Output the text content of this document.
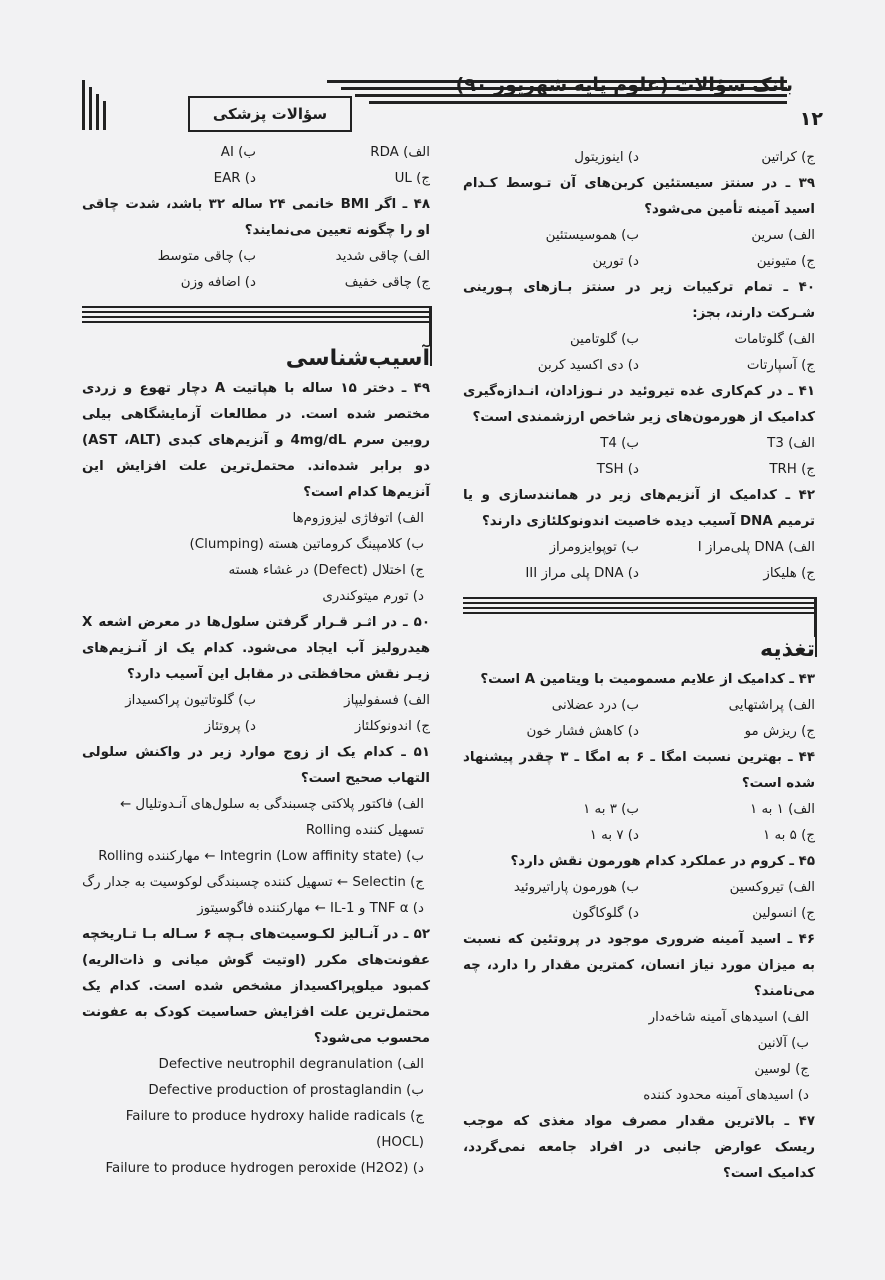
بانک سؤالات (علوم پایه شهریور ۹۰)
۱۲
سؤالات پزشکی
ج) کراتین
د) اینوزیتول
۳۹ ـ در سنتز سیستئین کربن‌های آن تـوسط کـدام اسید آمینه تأمین می‌شود؟
الف) سرین
ب) هموسیستئین
ج) متیونین
د) تورین
۴۰ ـ تمام ترکیبات زیر در سنتز بـازهای پـورینی شـرکت دارند، بجز:
الف) گلوتامات
ب) گلوتامین
ج) آسپارتات
د) دی اکسید کربن
۴۱ ـ در کم‌کاری غده تیروئید در نـوزادان، انـدازه‌گیری کدامیک از هورمون‌های زیر شاخص ارزشمندی است؟
الف) T3
ب) T4
ج) TRH
د) TSH
۴۲ ـ کدامیک از آنزیم‌های زیر در همانندسازی و یا ترمیم DNA آسیب دیده خاصیت اندونوکلئازی دارند؟
الف) DNA پلی‌مراز I
ب) توپوایزومراز
ج) هلیکاز
د) DNA پلی مراز III
تغذیه
۴۳ ـ کدامیک از علایم مسمومیت با ویتامین A است؟
الف) پراشتهایی
ب) درد عضلانی
ج) ریزش مو
د) کاهش فشار خون
۴۴ ـ بهترین نسبت امگا ـ ۶ به امگا ـ ۳ چقدر پیشنهاد شده است؟
الف) ۱ به ۱
ب) ۳ به ۱
ج) ۵ به ۱
د) ۷ به ۱
۴۵ ـ کروم در عملکرد کدام هورمون نقش دارد؟
الف) تیروکسین
ب) هورمون پاراتیروئید
ج) انسولین
د) گلوکاگون
۴۶ ـ اسید آمینه ضروری موجود در پروتئین که نسبت به میزان مورد نیاز انسان، کمترین مقدار را دارد، چه می‌نامند؟
الف) اسیدهای آمینه شاخه‌دار
ب) آلانین
ج) لوسین
د) اسیدهای آمینه محدود کننده
۴۷ ـ بالاترین مقدار مصرف مواد مغذی که موجب ریسک عوارض جانبی در افراد جامعه نمی‌گردد، کدامیک است؟
الف) RDA
ب) AI
ج) UL
د) EAR
۴۸ ـ اگر BMI خانمی ۲۴ ساله ۳۲ باشد، شدت چاقی او را چگونه تعیین می‌نمایند؟
الف) چاقی شدید
ب) چاقی متوسط
ج) چاقی خفیف
د) اضافه وزن
آسیب‌شناسی
۴۹ ـ دختر ۱۵ ساله با هپاتیت A دچار تهوع و زردی مختصر شده است. در مطالعات آزمایشگاهی بیلی روبین سرم 4mg/dL و آنزیم‌های کبدی (AST ،ALT) دو برابر شده‌اند. محتمل‌ترین علت افزایش این آنزیم‌ها کدام است؟
الف) اتوفاژی لیزوزوم‌ها
ب) کلامپینگ کروماتین هسته (Clumping)
ج) اختلال (Defect) در غشاء هسته
د) تورم میتوکندری
۵۰ ـ در اثـر قـرار گرفتن سلول‌ها در معرض اشعه X هیدرولیز آب ایجاد می‌شود. کدام یک از آنـزیم‌های زیـر نقش محافظتی در مقابل این آسیب دارد؟
الف) فسفولیپاز
ب) گلوتاتیون پراکسیداز
ج) اندونوکلئاز
د) پروتئاز
۵۱ ـ کدام یک از زوج موارد زیر در واکنش سلولی التهاب صحیح است؟
الف) فاکتور پلاکتی چسبندگی به سلول‌های آنـدوتلیال ← تسهیل کننده Rolling
ب) Integrin (Low affinity state) ← مهارکننده Rolling
ج) Selectin ← تسهیل کننده چسبندگی لوکوسیت به جدار رگ
د) TNF α و IL-1 ← مهارکننده فاگوسیتوز
۵۲ ـ در آنـالیز لکـوسیت‌های بـچه ۶ سـاله بـا تـاریخچه عفونت‌های مکرر (اوتیت گوش میانی و ذات‌الریه) کمبود میلوپراکسیداز مشخص شده است. کدام یک محتمل‌ترین علت افزایش حساسیت کودک به عفونت محسوب می‌شود؟
الف) Defective neutrophil degranulation
ب) Defective production of prostaglandin
ج) Failure to produce hydroxy halide radicals (HOCL)
د) Failure to produce hydrogen peroxide (H2O2)
